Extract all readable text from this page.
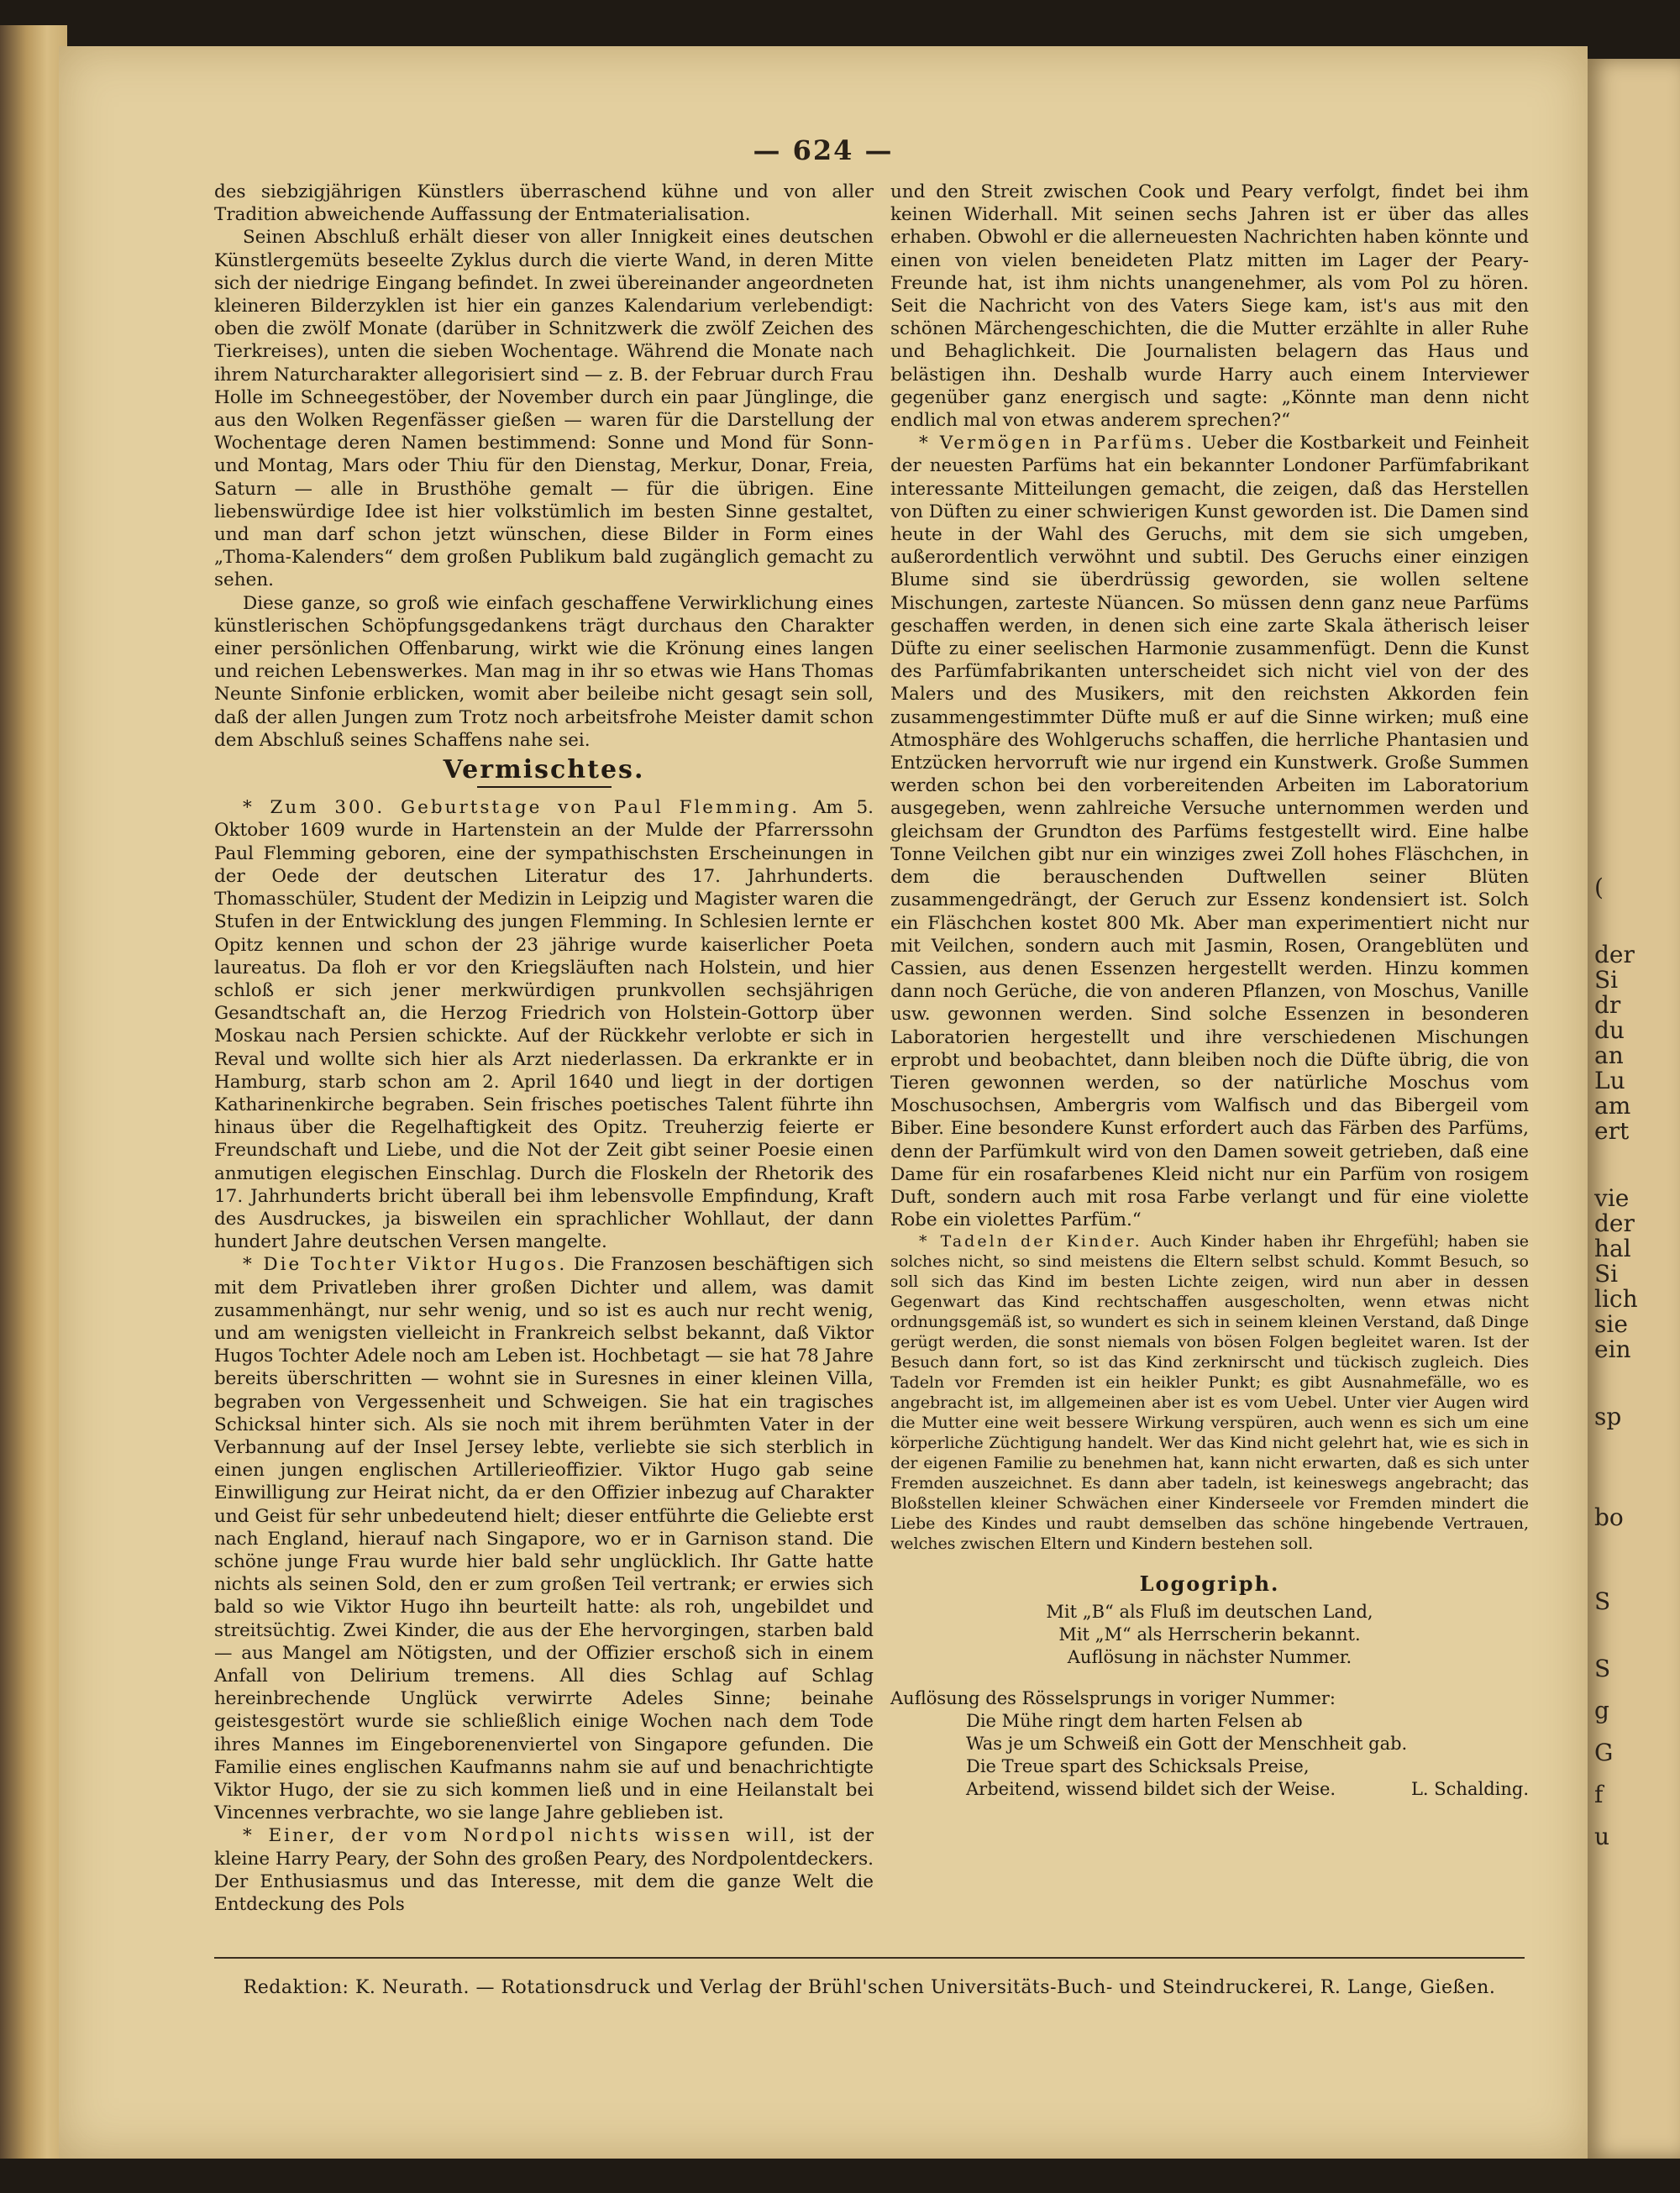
(
der
Si
dr
du
an
Lu
am
ert
vie
der
hal
Si
lich
sie
ein
sp
bo
S
S
g
G
f
u
— 624 —

des siebzigjährigen Künstlers überraschend kühne und von aller Tradition abweichende Auffassung der Entmaterialisation.

Seinen Abschluß erhält dieser von aller Innigkeit eines deutschen Künstlergemüts beseelte Zyklus durch die vierte Wand, in deren Mitte sich der niedrige Eingang befindet. In zwei übereinander angeordneten kleineren Bilderzyklen ist hier ein ganzes Kalendarium verlebendigt: oben die zwölf Monate (darüber in Schnitzwerk die zwölf Zeichen des Tierkreises), unten die sieben Wochentage. Während die Monate nach ihrem Naturcharakter allegorisiert sind — z. B. der Februar durch Frau Holle im Schneegestöber, der November durch ein paar Jünglinge, die aus den Wolken Regenfässer gießen — waren für die Darstellung der Wochentage deren Namen bestimmend: Sonne und Mond für Sonn- und Montag, Mars oder Thiu für den Dienstag, Merkur, Donar, Freia, Saturn — alle in Brusthöhe gemalt — für die übrigen. Eine liebenswürdige Idee ist hier volkstümlich im besten Sinne gestaltet, und man darf schon jetzt wünschen, diese Bilder in Form eines „Thoma-Kalenders“ dem großen Publikum bald zugänglich gemacht zu sehen.

Diese ganze, so groß wie einfach geschaffene Verwirklichung eines künstlerischen Schöpfungsgedankens trägt durchaus den Charakter einer persönlichen Offenbarung, wirkt wie die Krönung eines langen und reichen Lebenswerkes. Man mag in ihr so etwas wie Hans Thomas Neunte Sinfonie erblicken, womit aber beileibe nicht gesagt sein soll, daß der allen Jungen zum Trotz noch arbeitsfrohe Meister damit schon dem Abschluß seines Schaffens nahe sei.

Vermischtes.

* Zum 300. Geburtstage von Paul Flemming. Am 5. Oktober 1609 wurde in Hartenstein an der Mulde der Pfarrerssohn Paul Flemming geboren, eine der sympathischsten Erscheinungen in der Oede der deutschen Literatur des 17. Jahrhunderts. Thomasschüler, Student der Medizin in Leipzig und Magister waren die Stufen in der Entwicklung des jungen Flemming. In Schlesien lernte er Opitz kennen und schon der 23 jährige wurde kaiserlicher Poeta laureatus. Da floh er vor den Kriegsläuften nach Holstein, und hier schloß er sich jener merkwürdigen prunkvollen sechsjährigen Gesandtschaft an, die Herzog Friedrich von Holstein-Gottorp über Moskau nach Persien schickte. Auf der Rückkehr verlobte er sich in Reval und wollte sich hier als Arzt niederlassen. Da erkrankte er in Hamburg, starb schon am 2. April 1640 und liegt in der dortigen Katharinenkirche begraben. Sein frisches poetisches Talent führte ihn hinaus über die Regelhaftigkeit des Opitz. Treuherzig feierte er Freundschaft und Liebe, und die Not der Zeit gibt seiner Poesie einen anmutigen elegischen Einschlag. Durch die Floskeln der Rhetorik des 17. Jahrhunderts bricht überall bei ihm lebensvolle Empfindung, Kraft des Ausdruckes, ja bisweilen ein sprachlicher Wohllaut, der dann hundert Jahre deutschen Versen mangelte.

* Die Tochter Viktor Hugos. Die Franzosen beschäftigen sich mit dem Privatleben ihrer großen Dichter und allem, was damit zusammenhängt, nur sehr wenig, und so ist es auch nur recht wenig, und am wenigsten vielleicht in Frankreich selbst bekannt, daß Viktor Hugos Tochter Adele noch am Leben ist. Hochbetagt — sie hat 78 Jahre bereits überschritten — wohnt sie in Suresnes in einer kleinen Villa, begraben von Vergessenheit und Schweigen. Sie hat ein tragisches Schicksal hinter sich. Als sie noch mit ihrem berühmten Vater in der Verbannung auf der Insel Jersey lebte, verliebte sie sich sterblich in einen jungen englischen Artillerieoffizier. Viktor Hugo gab seine Einwilligung zur Heirat nicht, da er den Offizier inbezug auf Charakter und Geist für sehr unbedeutend hielt; dieser entführte die Geliebte erst nach England, hierauf nach Singapore, wo er in Garnison stand. Die schöne junge Frau wurde hier bald sehr unglücklich. Ihr Gatte hatte nichts als seinen Sold, den er zum großen Teil vertrank; er erwies sich bald so wie Viktor Hugo ihn beurteilt hatte: als roh, ungebildet und streitsüchtig. Zwei Kinder, die aus der Ehe hervorgingen, starben bald — aus Mangel am Nötigsten, und der Offizier erschoß sich in einem Anfall von Delirium tremens. All dies Schlag auf Schlag hereinbrechende Unglück verwirrte Adeles Sinne; beinahe geistesgestört wurde sie schließlich einige Wochen nach dem Tode ihres Mannes im Eingeborenenviertel von Singapore gefunden. Die Familie eines englischen Kaufmanns nahm sie auf und benachrichtigte Viktor Hugo, der sie zu sich kommen ließ und in eine Heilanstalt bei Vincennes verbrachte, wo sie lange Jahre geblieben ist.

* Einer, der vom Nordpol nichts wissen will, ist der kleine Harry Peary, der Sohn des großen Peary, des Nordpolentdeckers. Der Enthusiasmus und das Interesse, mit dem die ganze Welt die Entdeckung des Pols

und den Streit zwischen Cook und Peary verfolgt, findet bei ihm keinen Widerhall. Mit seinen sechs Jahren ist er über das alles erhaben. Obwohl er die allerneuesten Nachrichten haben könnte und einen von vielen beneideten Platz mitten im Lager der Peary-Freunde hat, ist ihm nichts unangenehmer, als vom Pol zu hören. Seit die Nachricht von des Vaters Siege kam, ist's aus mit den schönen Märchengeschichten, die die Mutter erzählte in aller Ruhe und Behaglichkeit. Die Journalisten belagern das Haus und belästigen ihn. Deshalb wurde Harry auch einem Interviewer gegenüber ganz energisch und sagte: „Könnte man denn nicht endlich mal von etwas anderem sprechen?“

* Vermögen in Parfüms. Ueber die Kostbarkeit und Feinheit der neuesten Parfüms hat ein bekannter Londoner Parfümfabrikant interessante Mitteilungen gemacht, die zeigen, daß das Herstellen von Düften zu einer schwierigen Kunst geworden ist. Die Damen sind heute in der Wahl des Geruchs, mit dem sie sich umgeben, außerordentlich verwöhnt und subtil. Des Geruchs einer einzigen Blume sind sie überdrüssig geworden, sie wollen seltene Mischungen, zarteste Nüancen. So müssen denn ganz neue Parfüms geschaffen werden, in denen sich eine zarte Skala ätherisch leiser Düfte zu einer seelischen Harmonie zusammenfügt. Denn die Kunst des Parfümfabrikanten unterscheidet sich nicht viel von der des Malers und des Musikers, mit den reichsten Akkorden fein zusammengestimmter Düfte muß er auf die Sinne wirken; muß eine Atmosphäre des Wohlgeruchs schaffen, die herrliche Phantasien und Entzücken hervorruft wie nur irgend ein Kunstwerk. Große Summen werden schon bei den vorbereitenden Arbeiten im Laboratorium ausgegeben, wenn zahlreiche Versuche unternommen werden und gleichsam der Grundton des Parfüms festgestellt wird. Eine halbe Tonne Veilchen gibt nur ein winziges zwei Zoll hohes Fläschchen, in dem die berauschenden Duftwellen seiner Blüten zusammengedrängt, der Geruch zur Essenz kondensiert ist. Solch ein Fläschchen kostet 800 Mk. Aber man experimentiert nicht nur mit Veilchen, sondern auch mit Jasmin, Rosen, Orangeblüten und Cassien, aus denen Essenzen hergestellt werden. Hinzu kommen dann noch Gerüche, die von anderen Pflanzen, von Moschus, Vanille usw. gewonnen werden. Sind solche Essenzen in besonderen Laboratorien hergestellt und ihre verschiedenen Mischungen erprobt und beobachtet, dann bleiben noch die Düfte übrig, die von Tieren gewonnen werden, so der natürliche Moschus vom Moschusochsen, Ambergris vom Walfisch und das Bibergeil vom Biber. Eine besondere Kunst erfordert auch das Färben des Parfüms, denn der Parfümkult wird von den Damen soweit getrieben, daß eine Dame für ein rosafarbenes Kleid nicht nur ein Parfüm von rosigem Duft, sondern auch mit rosa Farbe verlangt und für eine violette Robe ein violettes Parfüm.“

* Tadeln der Kinder. Auch Kinder haben ihr Ehrgefühl; haben sie solches nicht, so sind meistens die Eltern selbst schuld. Kommt Besuch, so soll sich das Kind im besten Lichte zeigen, wird nun aber in dessen Gegenwart das Kind rechtschaffen ausgescholten, wenn etwas nicht ordnungsgemäß ist, so wundert es sich in seinem kleinen Verstand, daß Dinge gerügt werden, die sonst niemals von bösen Folgen begleitet waren. Ist der Besuch dann fort, so ist das Kind zerknirscht und tückisch zugleich. Dies Tadeln vor Fremden ist ein heikler Punkt; es gibt Ausnahmefälle, wo es angebracht ist, im allgemeinen aber ist es vom Uebel. Unter vier Augen wird die Mutter eine weit bessere Wirkung verspüren, auch wenn es sich um eine körperliche Züchtigung handelt. Wer das Kind nicht gelehrt hat, wie es sich in der eigenen Familie zu benehmen hat, kann nicht erwarten, daß es sich unter Fremden auszeichnet. Es dann aber tadeln, ist keineswegs angebracht; das Bloßstellen kleiner Schwächen einer Kinderseele vor Fremden mindert die Liebe des Kindes und raubt demselben das schöne hingebende Vertrauen, welches zwischen Eltern und Kindern bestehen soll.

Logogriph.
Mit „B“ als Fluß im deutschen Land,
Mit „M“ als Herrscherin bekannt.
Auflösung in nächster Nummer.
Auflösung des Rösselsprungs in voriger Nummer:
Die Mühe ringt dem harten Felsen ab
Was je um Schweiß ein Gott der Menschheit gab.
Die Treue spart des Schicksals Preise,
Arbeitend, wissend bildet sich der Weise.	L. Schalding.
Redaktion: K. Neurath. — Rotationsdruck und Verlag der Brühl'schen Universitäts-Buch- und Steindruckerei, R. Lange, Gießen.
